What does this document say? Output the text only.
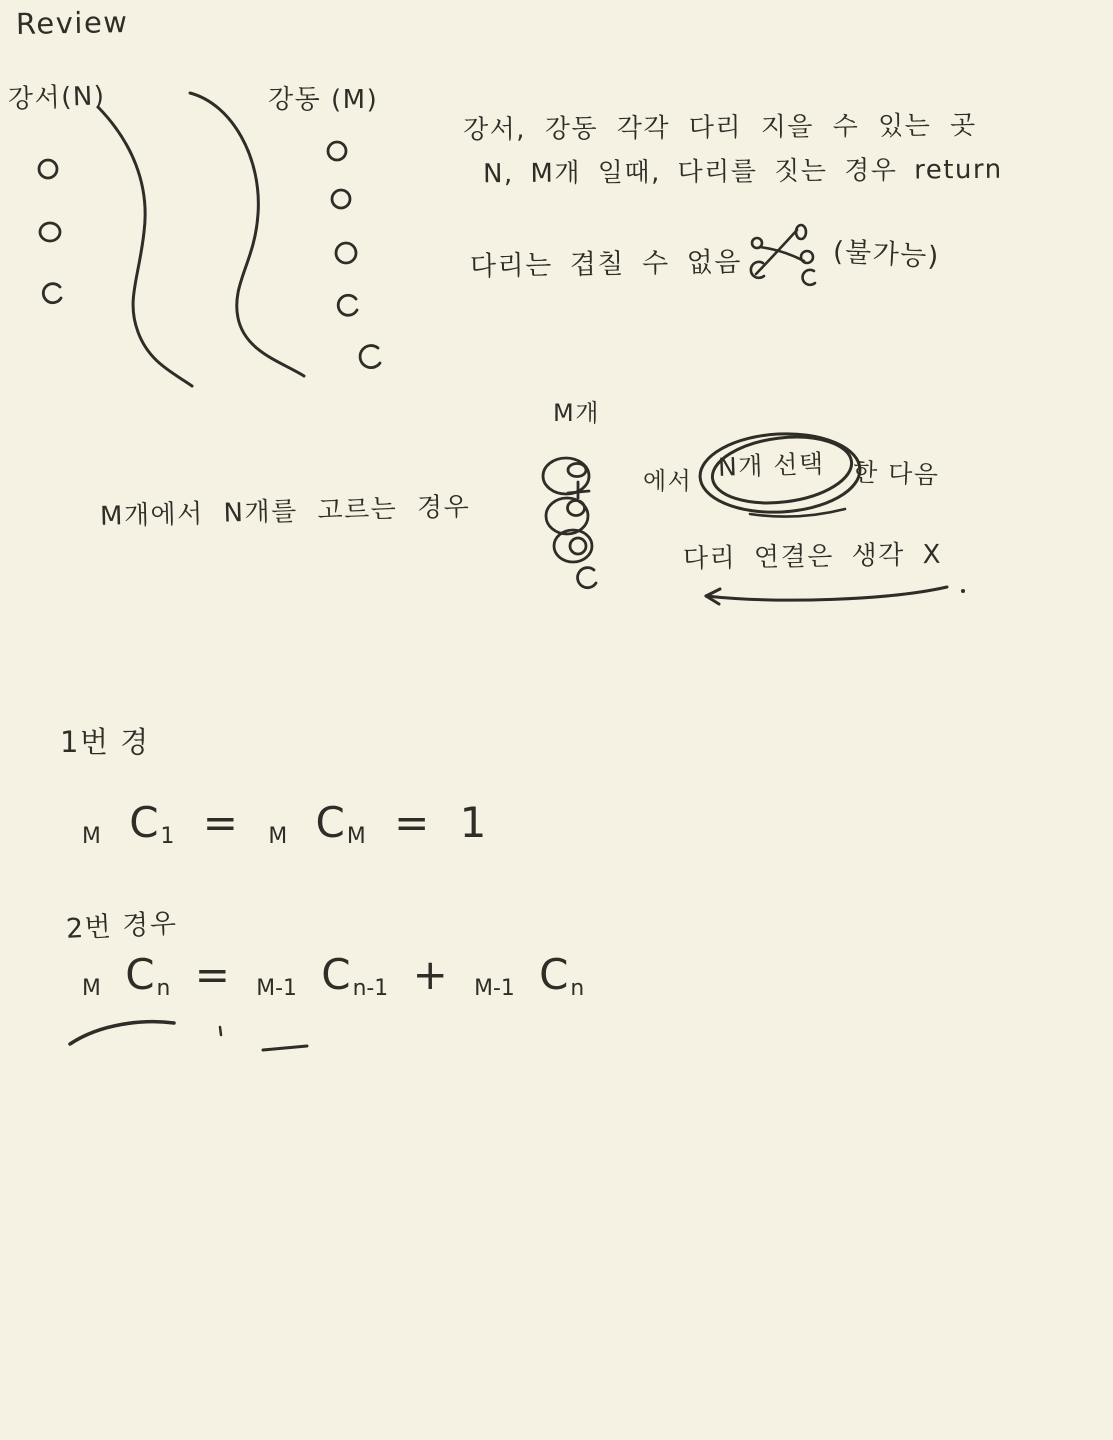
Review
강서(N)	강동 (M)
강서, 강동 각각 다리 지을 수 있는 곳
N, M개 일때, 다리를 짓는 경우 return
다리는 겹칠 수 없음	(불가능)
M개
에서 N개 선택 한 다음
M개에서 N개를 고르는 경우
다리 연결은 생각 X
1번 경
$_M$ $C_1 = _M$ $C_M = 1$
2번 경우
$_M$ $C_n = _{M-1}$ $C_{n-1} + _{M-1}$ $C_n$
